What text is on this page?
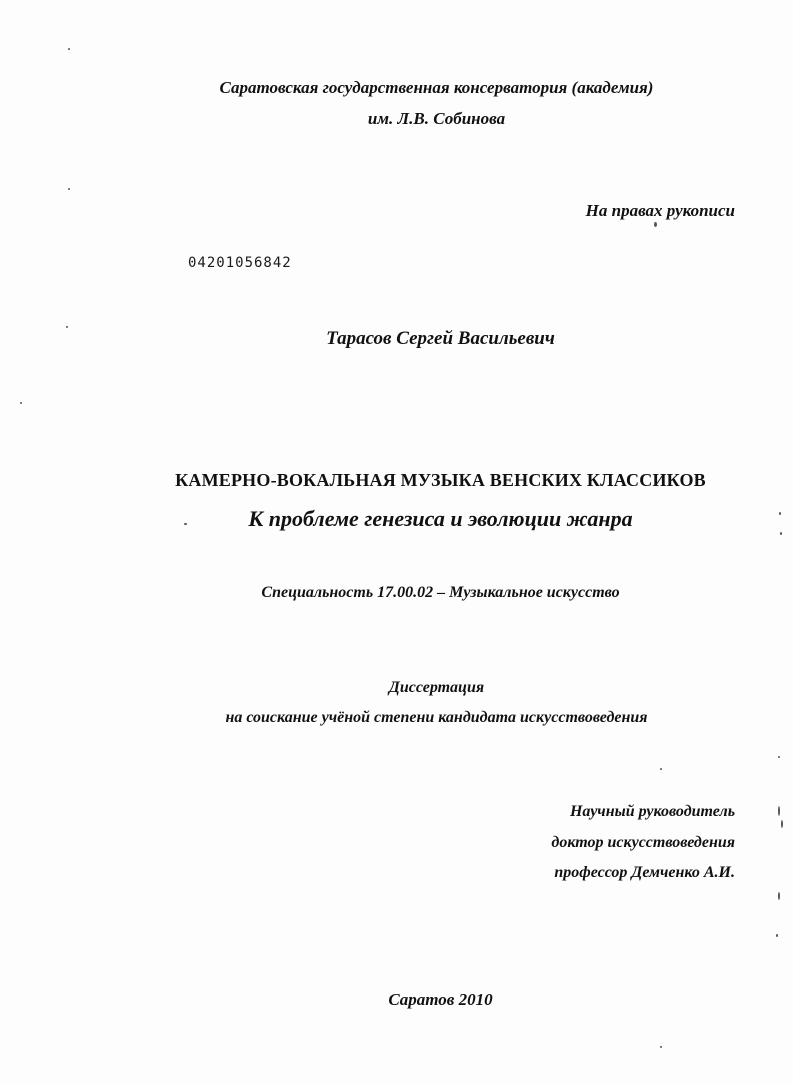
Саратовская государственная консерватория (академия)
им. Л.В. Собинова
На правах рукописи
04201056842
Тарасов Сергей Васильевич
КАМЕРНО-ВОКАЛЬНАЯ МУЗЫКА ВЕНСКИХ КЛАССИКОВ
К проблеме генезиса и эволюции жанра
Специальность 17.00.02 – Музыкальное искусство
Диссертация
на соискание учёной степени кандидата искусствоведения
Научный руководитель
доктор искусствоведения
профессор Демченко А.И.
Саратов 2010
